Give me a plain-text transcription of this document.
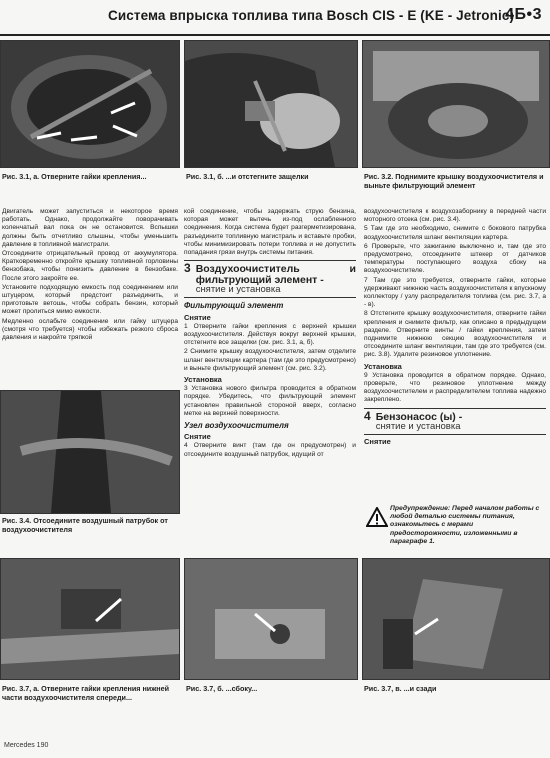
Система впрыска топлива типа Bosch CIS - E (KE - Jetronic)
4Б•3
Рис. 3.1, а. Отверните гайки крепления...	Рис. 3.1, б. ...и отстегните защелки	Рис. 3.2. Поднимите крышку воздухоочистителя и выньте фильтрующий элемент

Двигатель может запуститься и некоторое время работать. Однако, продолжайте поворачивать коленчатый вал пока он не остановится. Вспышки должны быть отчетливо слышны, чтобы уменьшить давление в топливной магистрали.

Отсоедините отрицательный провод от аккумулятора. Кратковременно откройте крышку топливной горловины бензобака, чтобы понизить давление в бензобаке. После этого закройте ее.

Установите подходящую емкость под соединением или штуцером, который предстоит разъединить, и приготовьте ветошь, чтобы собрать бензин, который может пролиться мимо емкости.

Медленно ослабьте соединение или гайку штуцера (смотря что требуется) чтобы избежать резкого сброса давления и накройте тряпкой

Рис. 3.4. Отсоедините воздушный патрубок от воздухоочистителя
Рис. 3.7, а. Отверните гайки крепления нижней части воздухоочистителя спереди...

кой соединение, чтобы задержать струю бензина, которая может вытечь из-под ослабленного соединения. Когда система будет разгерметизирована, разъедините топливную магистраль и вставьте пробки, чтобы минимизировать потери топлива и не допустить попадания грязи внутрь системы питания.

3 Воздухоочиститель и фильтрующий элемент -
снятие и установка
Фильтрующий элемент
Снятие

1 Отверните гайки крепления с верхней крышки воздухоочистителя. Действуя вокруг верхней крышки, отстегните все защелки (см. рис. 3.1, а, б).

2 Снимите крышку воздухоочистителя, затем отделите шланг вентиляции картера (там где это предусмотрено) и выньте фильтрующий элемент (см. рис. 3.2).

Установка

3 Установка нового фильтра проводится в обратном порядке. Убедитесь, что фильтрующий элемент установлен правильной стороной вверх, согласно метке на верхней поверхности.

Узел воздухоочистителя
Снятие

4 Отверните винт (там где он предусмотрен) и отсоедините воздушный патрубок, идущий от

Рис. 3.7, б. ...сбоку...

воздухоочистителя к воздухозаборнику в передней части моторного отсека (см. рис. 3.4).

5 Там где это необходимо, снимите с бокового патрубка воздухоочистителя шланг вентиляции картера.

6 Проверьте, что зажигание выключено и, там где это предусмотрено, отсоедините штекер от датчиков температуры поступающего воздуха сбоку на воздухоочистителе.

7 Там где это требуется, отверните гайки, которые удерживают нижнюю часть воздухоочистителя к впускному коллектору / узлу распределителя топлива (см. рис. 3.7, а - в).

8 Отстегните крышку воздухоочистителя, отверните гайки крепления и снимите фильтр, как описано в предыдущем разделе. Отверните винты / гайки крепления, затем поднимите нижнюю секцию воздухоочистителя и отсоедините шланг вентиляции, там где это требуется (см. рис. 3.8). Удалите резиновое уплотнение.

Установка

9 Установка проводится в обратном порядке. Однако, проверьте, что резиновое уплотнение между воздухоочистителем и распределителем топлива надежно закреплено.

4 Бензонасос (ы) -
снятие и установка
Снятие
Предупреждение: Перед началом работы с любой деталью системы питания, ознакомьтесь с мерами предосторожности, изложенными в параграфе 1.
Рис. 3.7, в. ...и сзади
Mercedes 190
